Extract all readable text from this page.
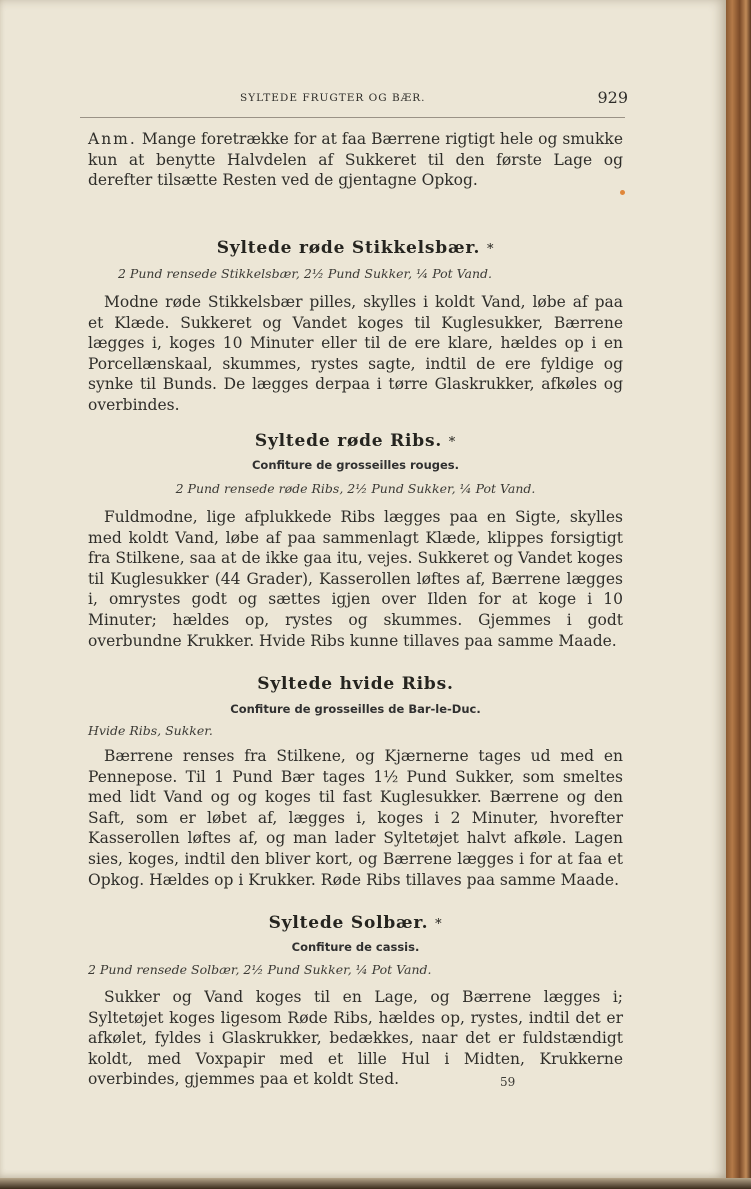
SYLTEDE FRUGTER OG BÆR.	929
Anm. Mange foretrække for at faa Bærrene rigtigt hele og smukke kun at benytte Halvdelen af Sukkeret til den første Lage og derefter tilsætte Resten ved de gjentagne Opkog.
Syltede røde Stikkelsbær. *
2 Pund rensede Stikkelsbær, 2½ Pund Sukker, ¼ Pot Vand.
Modne røde Stikkelsbær pilles, skylles i koldt Vand, løbe af paa et Klæde. Sukkeret og Vandet koges til Kuglesukker, Bærrene lægges i, koges 10 Minuter eller til de ere klare, hældes op i en Porcellænskaal, skummes, rystes sagte, indtil de ere fyldige og synke til Bunds. De lægges derpaa i tørre Glaskrukker, afkøles og overbindes.
Syltede røde Ribs. *
Confiture de grosseilles rouges.
2 Pund rensede røde Ribs, 2½ Pund Sukker, ¼ Pot Vand.
Fuldmodne, lige afplukkede Ribs lægges paa en Sigte, skylles med koldt Vand, løbe af paa sammenlagt Klæde, klippes forsigtigt fra Stilkene, saa at de ikke gaa itu, vejes. Sukkeret og Vandet koges til Kuglesukker (44 Grader), Kasserollen løftes af, Bærrene lægges i, omrystes godt og sættes igjen over Ilden for at koge i 10 Minuter; hældes op, rystes og skummes. Gjemmes i godt overbundne Krukker. Hvide Ribs kunne tillaves paa samme Maade.
Syltede hvide Ribs.
Confiture de grosseilles de Bar-le-Duc.
Hvide Ribs, Sukker.
Bærrene renses fra Stilkene, og Kjærnerne tages ud med en Pennepose. Til 1 Pund Bær tages 1½ Pund Sukker, som smeltes med lidt Vand og og koges til fast Kuglesukker. Bærrene og den Saft, som er løbet af, lægges i, koges i 2 Minuter, hvorefter Kasserollen løftes af, og man lader Syltetøjet halvt afkøle. Lagen sies, koges, indtil den bliver kort, og Bærrene lægges i for at faa et Opkog. Hældes op i Krukker. Røde Ribs tillaves paa samme Maade.
Syltede Solbær. *
Confiture de cassis.
2 Pund rensede Solbær, 2½ Pund Sukker, ¼ Pot Vand.
Sukker og Vand koges til en Lage, og Bærrene lægges i; Syltetøjet koges ligesom Røde Ribs, hældes op, rystes, indtil det er afkølet, fyldes i Glaskrukker, bedækkes, naar det er fuldstændigt koldt, med Voxpapir med et lille Hul i Midten, Krukkerne overbindes, gjemmes paa et koldt Sted.	59
